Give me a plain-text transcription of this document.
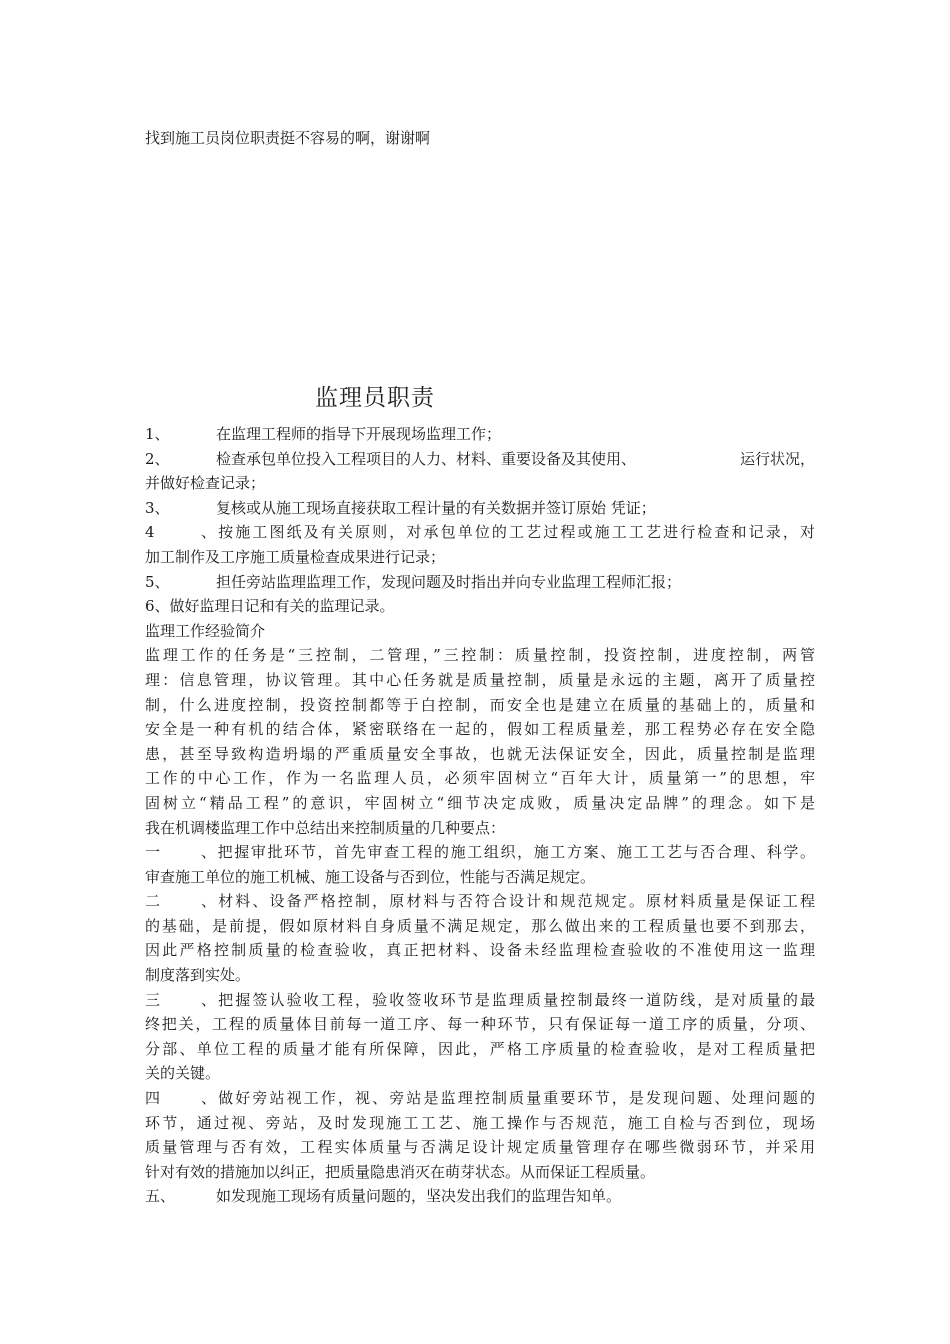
找到施工员岗位职责挺不容易的啊，谢谢啊
监理员职责
1、	在监理工程师的指导下开展现场监理工作；
2、	检查承包单位投入工程项目的人力、材料、重要设备及其使用、	运行状况，
并做好检查记录；
3、	复核或从施工现场直接获取工程计量的有关数据并签订原始 凭证；
4、按施工图纸及有关原则，对承包单位的工艺过程或施工工艺进行检查和记录，对
加工制作及工序施工质量检查成果进行记录；
5、	担任旁站监理监理工作，发现问题及时指出并向专业监理工程师汇报；
6、做好监理日记和有关的监理记录。
监理工作经验简介
监理工作的任务是“三控制，二管理，”三控制：质量控制，投资控制，进度控制，两管
理：信息管理，协议管理。其中心任务就是质量控制，质量是永远的主题，离开了质量控
制，什么进度控制，投资控制都等于白控制，而安全也是建立在质量的基础上的，质量和
安全是一种有机的结合体，紧密联络在一起的，假如工程质量差，那工程势必存在安全隐
患，甚至导致构造坍塌的严重质量安全事故，也就无法保证安全，因此，质量控制是监理
工作的中心工作，作为一名监理人员，必须牢固树立“百年大计，质量第一”的思想，牢
固树立“精品工程”的意识，牢固树立“细节决定成败，质量决定品牌”的理念。如下是
我在机调楼监理工作中总结出来控制质量的几种要点：
一、把握审批环节，首先审查工程的施工组织，施工方案、施工工艺与否合理、科学。
审查施工单位的施工机械、施工设备与否到位，性能与否满足规定。
二、材料、设备严格控制，原材料与否符合设计和规范规定。原材料质量是保证工程
的基础，是前提，假如原材料自身质量不满足规定，那么做出来的工程质量也要不到那去，
因此严格控制质量的检查验收，真正把材料、设备未经监理检查验收的不准使用这一监理
制度落到实处。
三、把握签认验收工程，验收签收环节是监理质量控制最终一道防线，是对质量的最
终把关，工程的质量体目前每一道工序、每一种环节，只有保证每一道工序的质量，分项、
分部、单位工程的质量才能有所保障，因此，严格工序质量的检查验收，是对工程质量把
关的关键。
四、做好旁站视工作，视、旁站是监理控制质量重要环节，是发现问题、处理问题的
环节，通过视、旁站，及时发现施工工艺、施工操作与否规范，施工自检与否到位，现场
质量管理与否有效，工程实体质量与否满足设计规定质量管理存在哪些微弱环节，并采用
针对有效的措施加以纠正，把质量隐患消灭在萌芽状态。从而保证工程质量。
五、	如发现施工现场有质量问题的，坚决发出我们的监理告知单。
